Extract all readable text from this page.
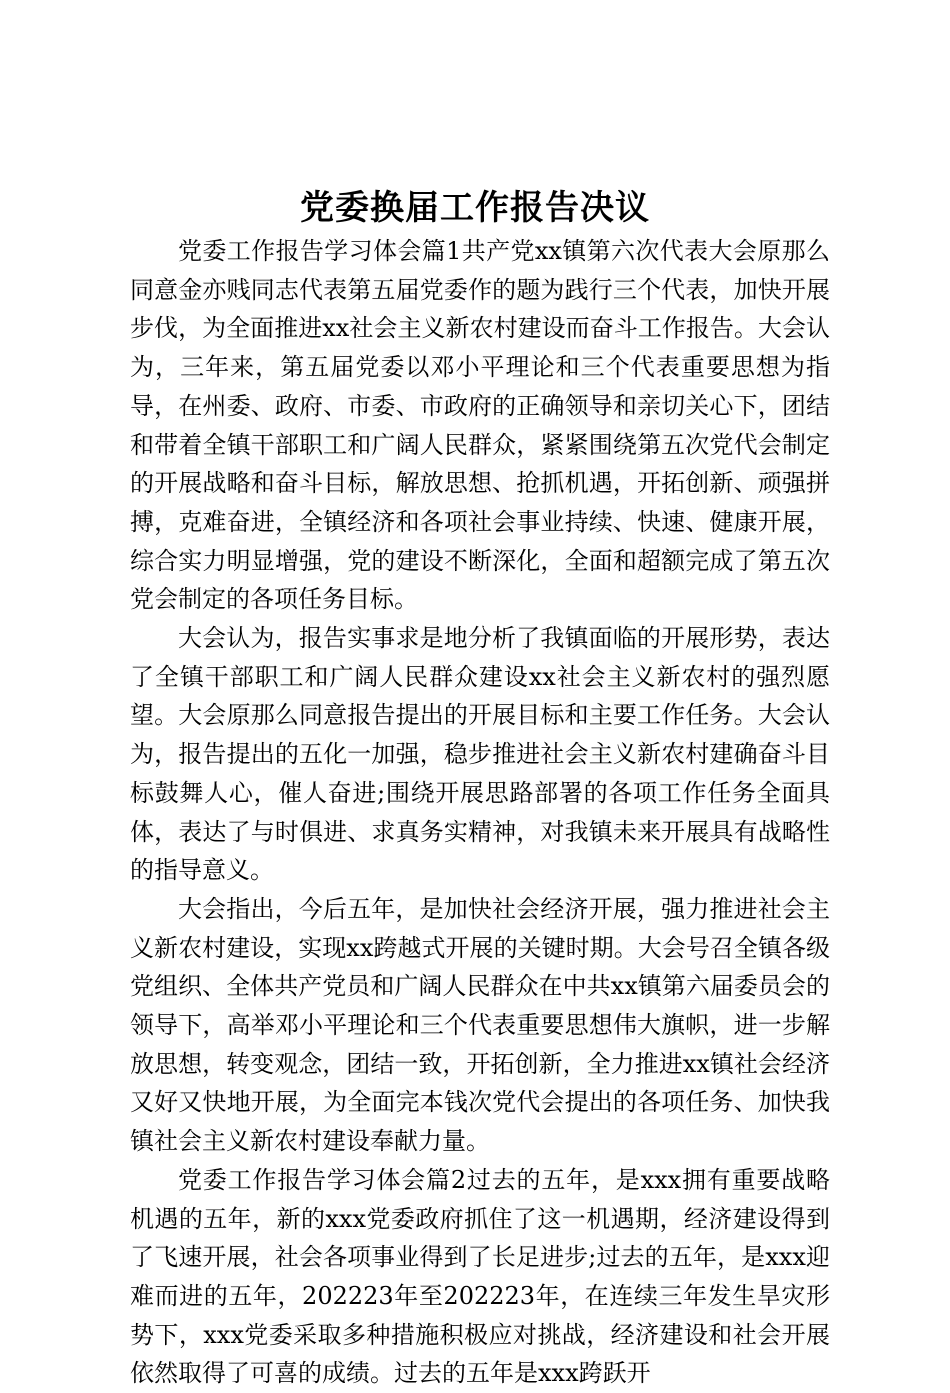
党委换届工作报告决议

党委工作报告学习体会篇1共产党xx镇第六次代表大会原那么同意金亦贱同志代表第五届党委作的题为践行三个代表，加快开展步伐，为全面推进xx社会主义新农村建设而奋斗工作报告。大会认为，三年来，第五届党委以邓小平理论和三个代表重要思想为指导，在州委、政府、市委、市政府的正确领导和亲切关心下，团结和带着全镇干部职工和广阔人民群众，紧紧围绕第五次党代会制定的开展战略和奋斗目标，解放思想、抢抓机遇，开拓创新、顽强拼搏，克难奋进，全镇经济和各项社会事业持续、快速、健康开展，综合实力明显增强，党的建设不断深化，全面和超额完成了第五次党会制定的各项任务目标。

大会认为，报告实事求是地分析了我镇面临的开展形势，表达了全镇干部职工和广阔人民群众建设xx社会主义新农村的强烈愿望。大会原那么同意报告提出的开展目标和主要工作任务。大会认为，报告提出的五化一加强，稳步推进社会主义新农村建确奋斗目标鼓舞人心，催人奋进;围绕开展思路部署的各项工作任务全面具体，表达了与时俱进、求真务实精神，对我镇未来开展具有战略性的指导意义。

大会指出，今后五年，是加快社会经济开展，强力推进社会主义新农村建设，实现xx跨越式开展的关键时期。大会号召全镇各级党组织、全体共产党员和广阔人民群众在中共xx镇第六届委员会的领导下，高举邓小平理论和三个代表重要思想伟大旗帜，进一步解放思想，转变观念，团结一致，开拓创新，全力推进xx镇社会经济又好又快地开展，为全面完本钱次党代会提出的各项任务、加快我镇社会主义新农村建设奉献力量。

党委工作报告学习体会篇2过去的五年，是xxx拥有重要战略机遇的五年，新的xxx党委政府抓住了这一机遇期，经济建设得到了飞速开展，社会各项事业得到了长足进步;过去的五年，是xxx迎难而进的五年，202223年至202223年，在连续三年发生旱灾形势下，xxx党委采取多种措施积极应对挑战，经济建设和社会开展依然取得了可喜的成绩。过去的五年是xxx跨跃开
